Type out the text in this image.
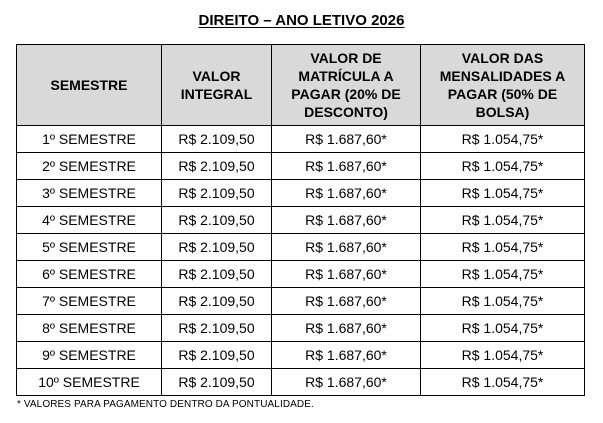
DIREITO – ANO LETIVO 2026
SEMESTRE	VALOR INTEGRAL	VALOR DE MATRÍCULA A PAGAR (20% DE DESCONTO)	VALOR DAS MENSALIDADES A PAGAR (50% DE BOLSA)
1º SEMESTRE	R$ 2.109,50	R$ 1.687,60*	R$ 1.054,75*
2º SEMESTRE	R$ 2.109,50	R$ 1.687,60*	R$ 1.054,75*
3º SEMESTRE	R$ 2.109,50	R$ 1.687,60*	R$ 1.054,75*
4º SEMESTRE	R$ 2.109,50	R$ 1.687,60*	R$ 1.054,75*
5º SEMESTRE	R$ 2.109,50	R$ 1.687,60*	R$ 1.054,75*
6º SEMESTRE	R$ 2.109,50	R$ 1.687,60*	R$ 1.054,75*
7º SEMESTRE	R$ 2.109,50	R$ 1.687,60*	R$ 1.054,75*
8º SEMESTRE	R$ 2.109,50	R$ 1.687,60*	R$ 1.054,75*
9º SEMESTRE	R$ 2.109,50	R$ 1.687,60*	R$ 1.054,75*
10º SEMESTRE	R$ 2.109,50	R$ 1.687,60*	R$ 1.054,75*
* VALORES PARA PAGAMENTO DENTRO DA PONTUALIDADE.
